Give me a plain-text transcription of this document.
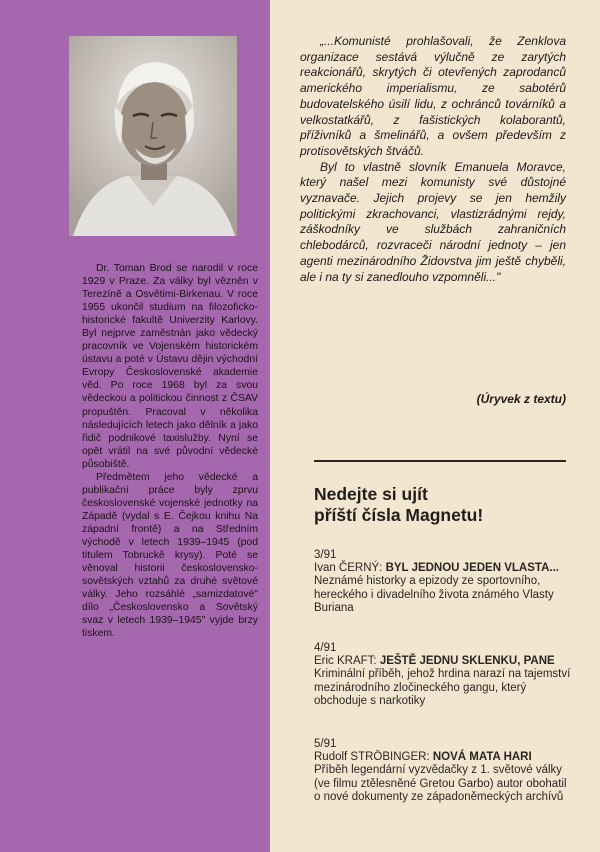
Dr. Toman Brod se narodil v roce 1929 v Praze. Za války byl vězněn v Terezíně a Osvětimi-Birkenau. V roce 1955 ukončil studium na filozoficko-historické fakultě Univerzity Karlovy. Byl nejprve zaměstnán jako vědecký pracovník ve Vojenském historickém ústavu a poté v Ústavu dějin východní Evropy Československé akademie věd. Po roce 1968 byl za svou vědeckou a politickou činnost z ČSAV propuštěn. Pracoval v několika následujících letech jako dělník a jako řidič podnikové taxislužby. Nyní se opět vrátil na své původní vědecké působiště.

Předmětem jeho vědecké a publikační práce byly zprvu československé vojenské jednotky na Západě (vydal s E. Čejkou knihu Na západní frontě) a na Středním východě v letech 1939–1945 (pod titulem Tobruckě krysy). Poté se věnoval historii československo-sovětských vztahů za druhé světové války. Jeho rozsáhlé „samizdatové" dílo „Československo a Sovětský svaz v letech 1939–1945" vyjde brzy tiskem.

„...Komunisté prohlašovali, že Zenklova organizace sestává výlučně ze zarytých reakcionářů, skrytých či otevřených zaprodanců amerického imperialismu, ze sabotérů budovatelského úsilí lidu, z ochránců továrníků a velkostatkářů, z fašistických kolaborantů, příživníků a šmelinářů, a ovšem především z protisovětských štváčů.

Byl to vlastně slovník Emanuela Moravce, který našel mezi komunisty své důstojné vyznavače. Jejich projevy se jen hemžily politickými zkrachovanci, vlastizrádnými rejdy, záškodníky ve službách zahraničních chlebodárců, rozvraceči národní jednoty – jen agenti mezinárodního Židovstva jim ještě chyběli, ale i na ty si zanedlouho vzpomněli..."

(Úryvek z textu)
Nedejte si ujít
příští čísla Magnetu!
3/91
Ivan ČERNÝ: BYL JEDNOU JEDEN VLASTA...
Neznámé historky a epizody ze sportovního, hereckého i divadelního života známého Vlasty Buriana
4/91
Eric KRAFT: JEŠTĚ JEDNU SKLENKU, PANE
Kriminální příběh, jehož hrdina narazí na tajemství mezinárodního zločineckého gangu, který obchoduje s narkotiky
5/91
Rudolf STRÖBINGER: NOVÁ MATA HARI
Příběh legendární vyzvědačky z 1. světové války (ve filmu ztělesněné Gretou Garbo) autor obohatil o nové dokumenty ze západoněmeckých archívů
